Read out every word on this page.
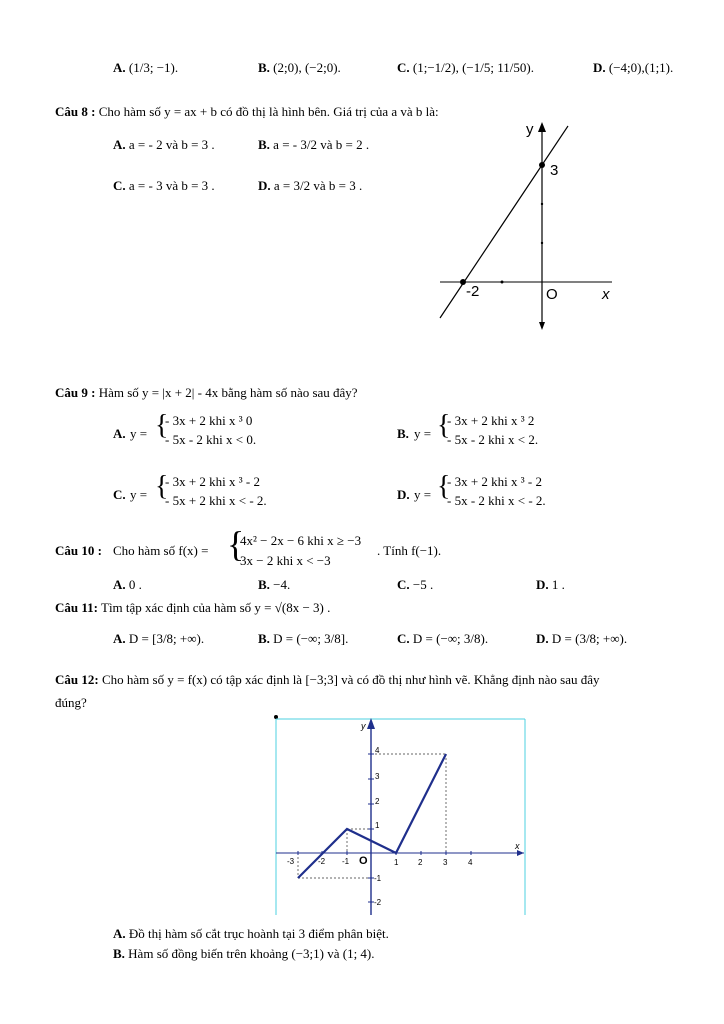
A. (1/3; −1).	B. (2;0), (−2;0).	C. (1;−1/2), (−1/5; 11/50).	D. (−4;0),(1;1).
Câu 8 : Cho hàm số y = ax + b có đồ thị là hình bên. Giá trị của a và b là:
A. a = - 2 và b = 3 .	B. a = - 3/2 và b = 2 .
C. a = - 3 và b = 3 .	D. a = 3/2 và b = 3 .
y
3
-2	O	x
Câu 9 : Hàm số y = |x + 2| - 4x bằng hàm số nào sau đây?
A. y = {
- 3x + 2 khi x ³ 0
- 5x - 2 khi x < 0.	B. y = {
- 3x + 2 khi x ³ 2
- 5x - 2 khi x < 2.
C. y = {
- 3x + 2 khi x ³ - 2
- 5x + 2 khi x < - 2.	D. y = {
- 3x + 2 khi x ³ - 2
- 5x - 2 khi x < - 2.
Câu 10 : Cho hàm số f(x) = {
4x² − 2x − 6 khi x ≥ −3
3x − 2 khi x < −3
. Tính f(−1).
A. 0 .	B. −4.	C. −5 .	D. 1 .
Câu 11: Tìm tập xác định của hàm số y = √(8x − 3) .
A. D = [3/8; +∞).	B. D = (−∞; 3/8].	C. D = (−∞; 3/8).	D. D = (3/8; +∞).
Câu 12: Cho hàm số y = f(x) có tập xác định là [−3;3] và có đồ thị như hình vẽ. Khẳng định nào sau đây
đúng?
x
y
O
-3	-2 -1	1 2	3	4
4
3
2
1
-1
-2
A. Đồ thị hàm số cắt trục hoành tại 3 điểm phân biệt.
B. Hàm số đồng biến trên khoảng (−3;1) và (1; 4).
